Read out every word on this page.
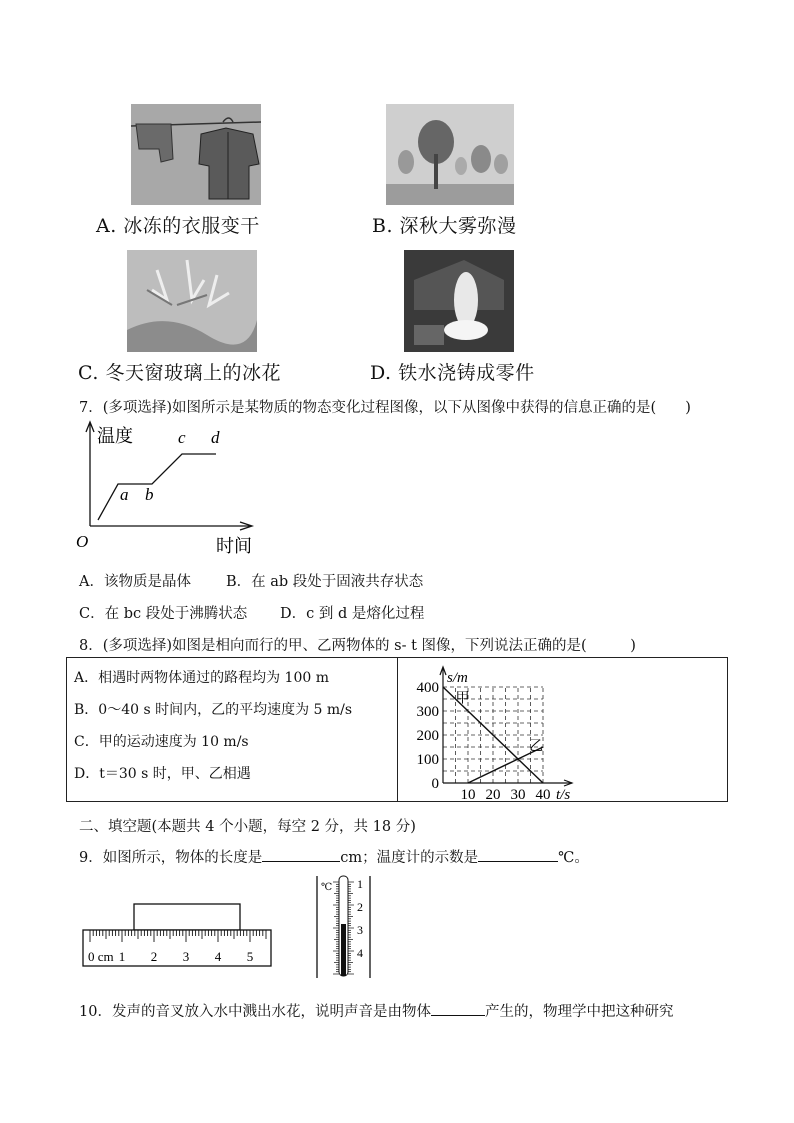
A. 冰冻的衣服变干	B. 深秋大雾弥漫
C. 冬天窗玻璃上的冰花	D. 铁水浇铸成零件
7．(多项选择)如图所示是某物质的物态变化过程图像，以下从图像中获得的信息正确的是(　　)
温度
时间
O
a b
c d
A．该物质是晶体 B．在 ab 段处于固液共存状态
C．在 bc 段处于沸腾状态 D．c 到 d 是熔化过程
8．(多项选择)如图是相向而行的甲、乙两物体的 s- t 图像，下列说法正确的是(　　　)
A．相遇时两物体通过的路程均为 100 m
B．0～40 s 时间内，乙的平均速度为 5 m/s
C．甲的运动速度为 10 m/s
D．t＝30 s 时，甲、乙相遇
0
100
200
300
400
10 20 30 40
s/m
t/s
甲
乙
二、填空题(本题共 4 个小题，每空 2 分，共 18 分)
9．如图所示，物体的长度是	cm；温度计的示数是	℃。
0 cm 1 2 3 4 5
℃ 1
2
3
4
10．发声的音叉放入水中溅出水花，说明声音是由物体	产生的，物理学中把这种研究
